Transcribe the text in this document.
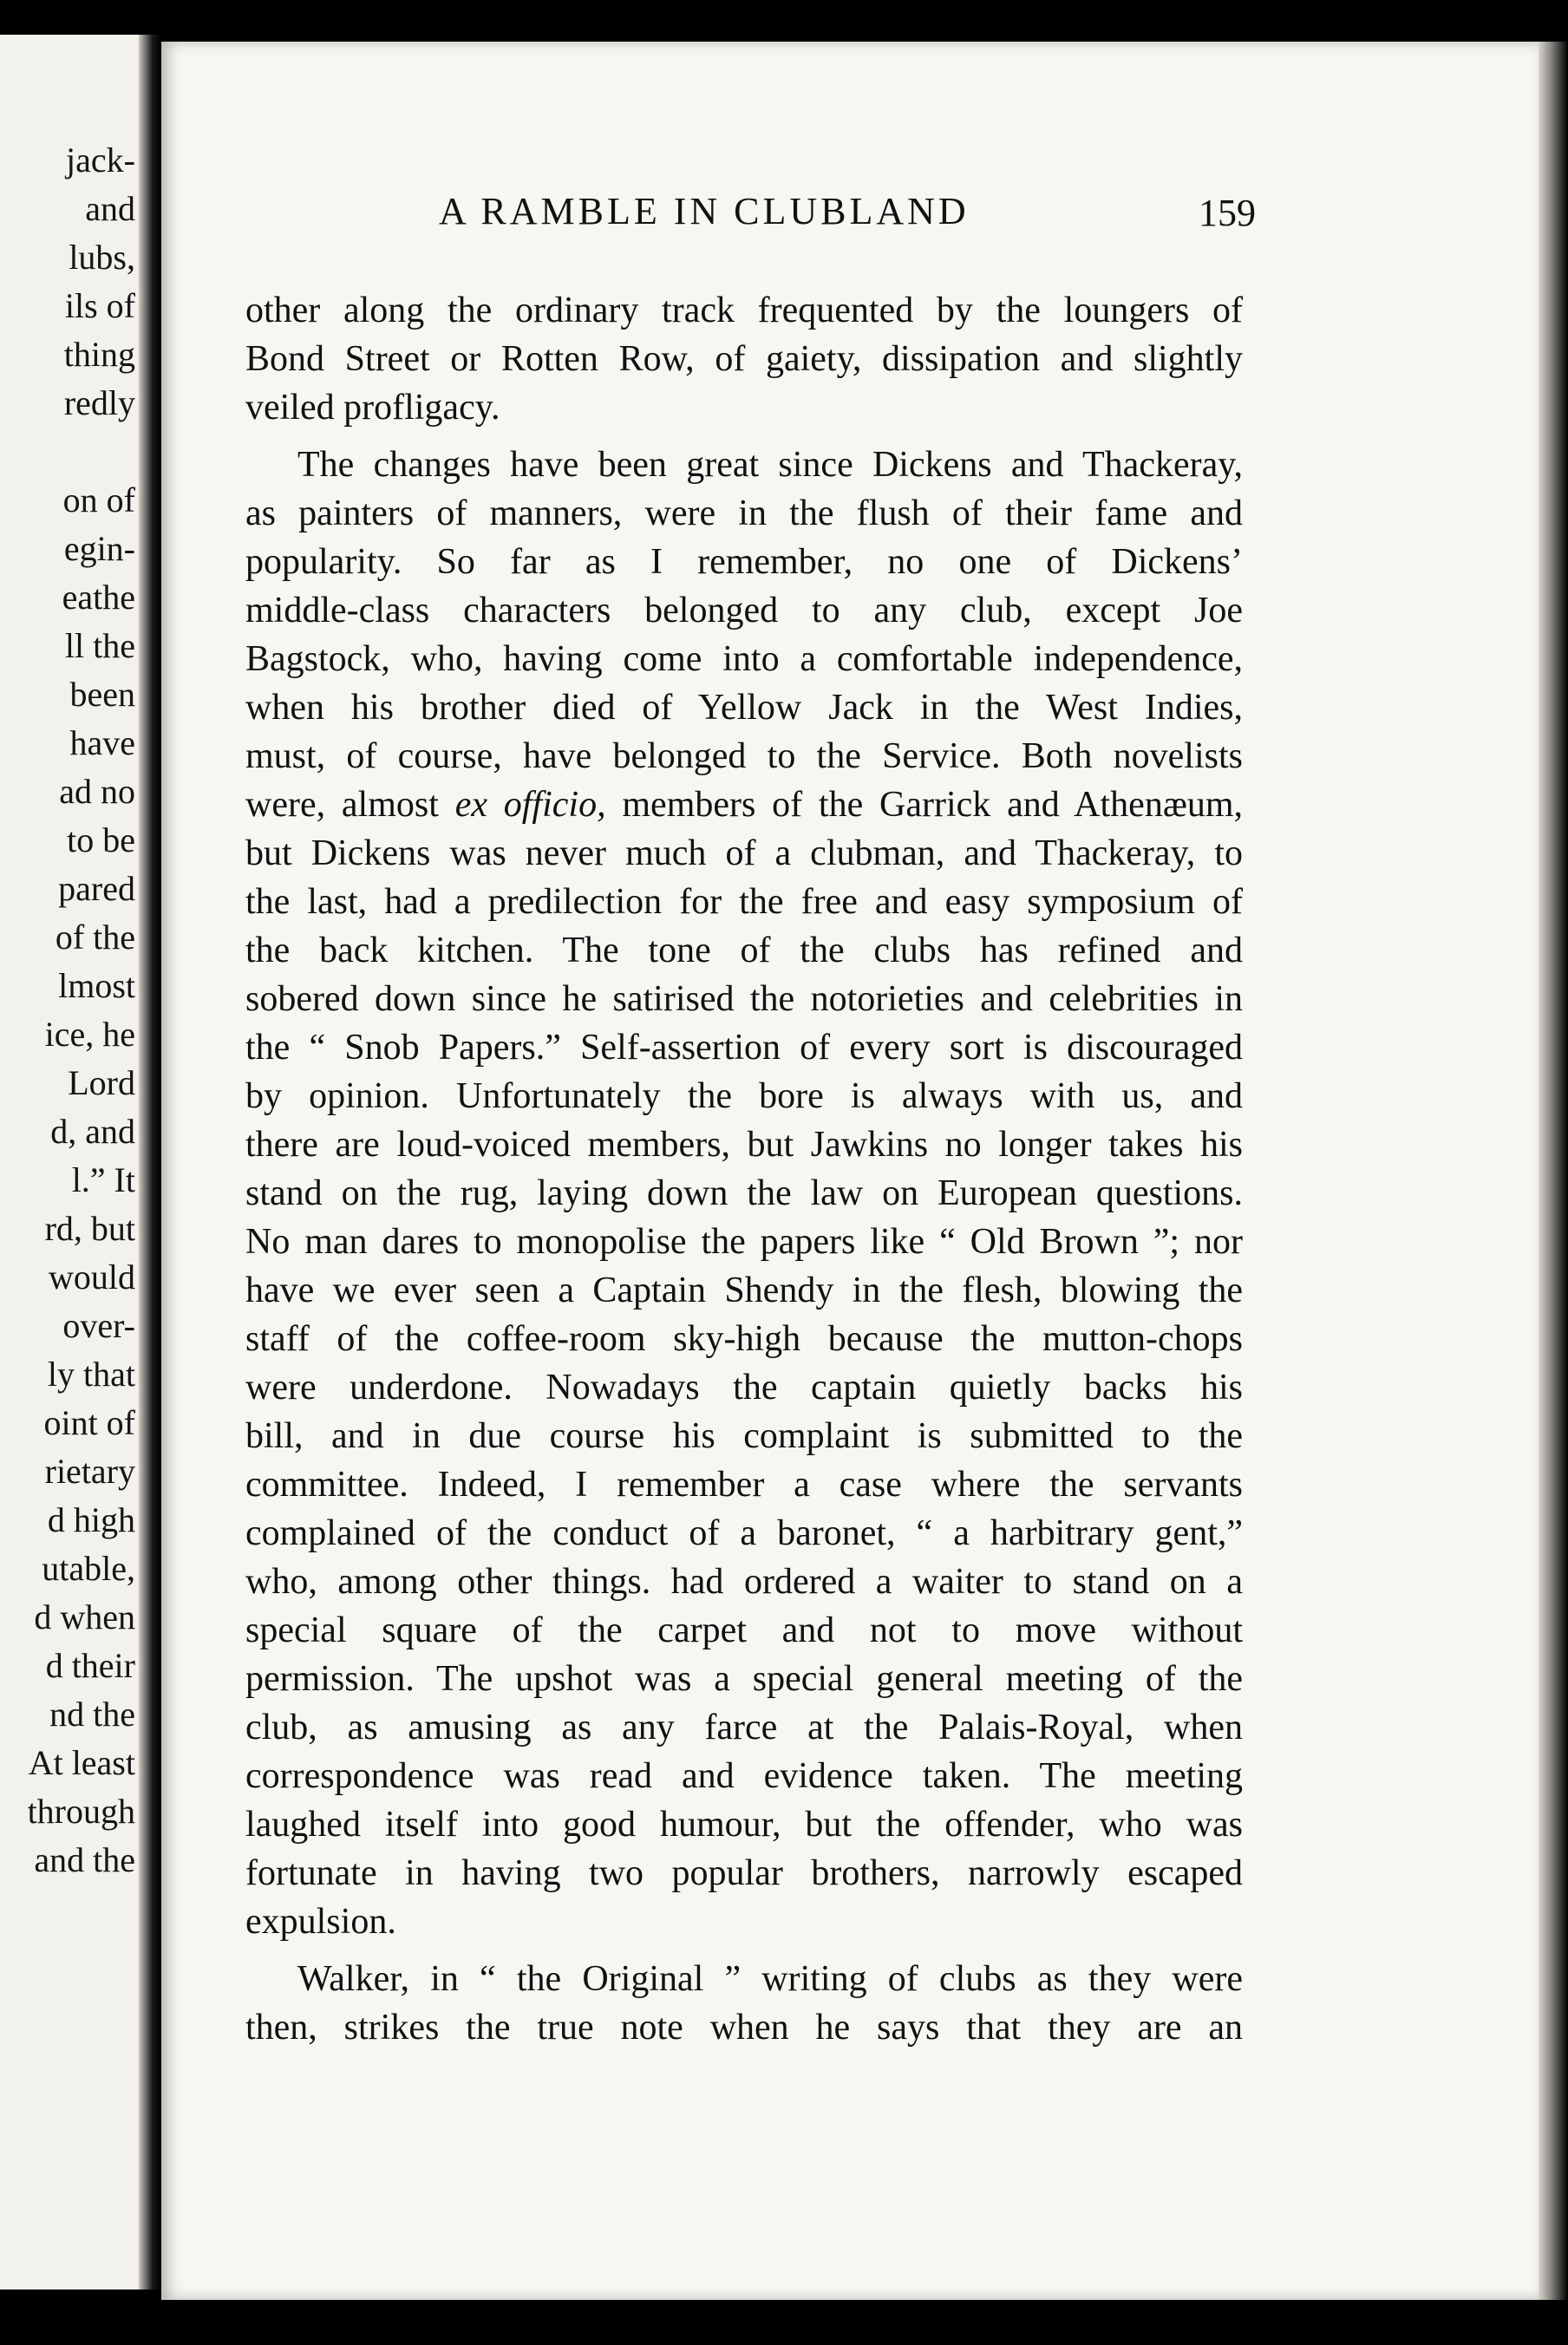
jack-
and
lubs,
ils of
thing
redly
on of
egin-
eathe
ll the
been
have
ad no
to be
pared
of the
lmost
ice, he
Lord
d, and
l.” It
rd, but
would
over-
ly that
oint of
rietary
d high
utable,
d when
d their
nd the
At least
through
and the
A RAMBLE IN CLUBLAND	159
other along the ordinary track frequented by the loungers of
Bond Street or Rotten Row, of gaiety, dissipation and slightly
veiled profligacy.
The changes have been great since Dickens and Thackeray,
as painters of manners, were in the flush of their fame and
popularity. So far as I remember, no one of Dickens’
middle-class characters belonged to any club, except Joe
Bagstock, who, having come into a comfortable independence,
when his brother died of Yellow Jack in the West Indies,
must, of course, have belonged to the Service. Both novelists
were, almost ex officio, members of the Garrick and Athenæum,
but Dickens was never much of a clubman, and Thackeray, to
the last, had a predilection for the free and easy symposium of
the back kitchen. The tone of the clubs has refined and
sobered down since he satirised the notorieties and celebrities in
the “ Snob Papers.” Self-assertion of every sort is discouraged
by opinion. Unfortunately the bore is always with us, and
there are loud-voiced members, but Jawkins no longer takes his
stand on the rug, laying down the law on European questions.
No man dares to monopolise the papers like “ Old Brown ”; nor
have we ever seen a Captain Shendy in the flesh, blowing the
staff of the coffee-room sky-high because the mutton-chops
were underdone. Nowadays the captain quietly backs his
bill, and in due course his complaint is submitted to the
committee. Indeed, I remember a case where the servants
complained of the conduct of a baronet, “ a harbitrary gent,”
who, among other things. had ordered a waiter to stand on a
special square of the carpet and not to move without
permission. The upshot was a special general meeting of the
club, as amusing as any farce at the Palais-Royal, when
correspondence was read and evidence taken. The meeting
laughed itself into good humour, but the offender, who was
fortunate in having two popular brothers, narrowly escaped
expulsion.
Walker, in “ the Original ” writing of clubs as they were
then, strikes the true note when he says that they are an
